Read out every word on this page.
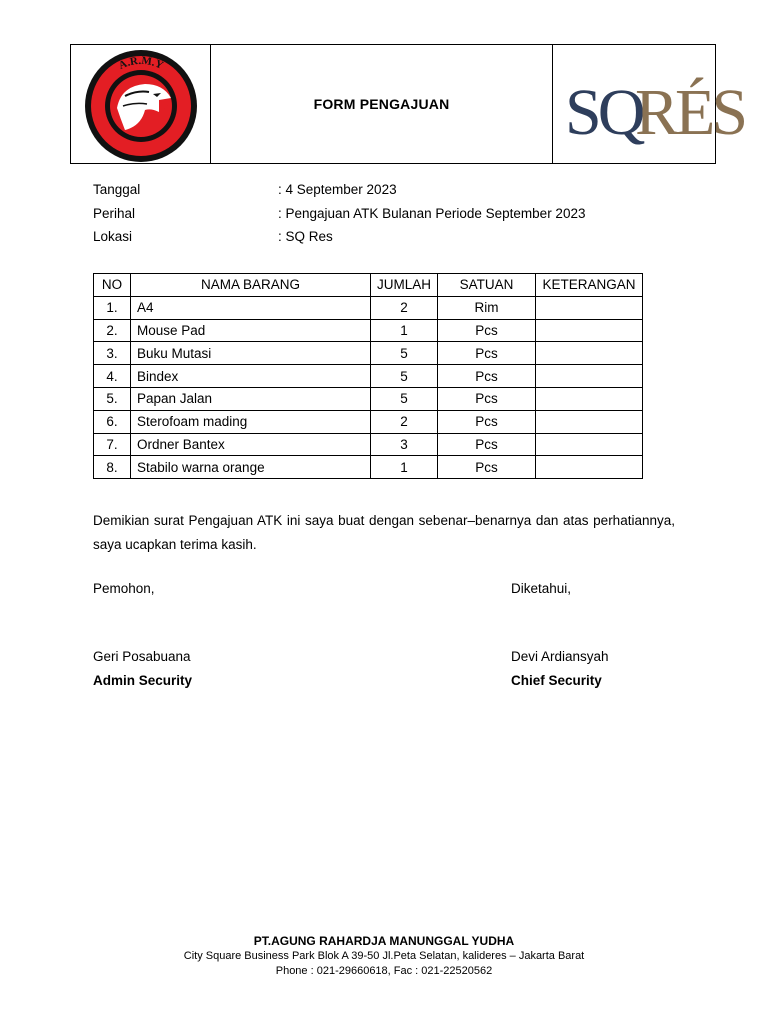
A.R.M.Y
FORM PENGAJUAN	SQ
RÉS
Tanggal	: 4 September 2023
Perihal	: Pengajuan ATK Bulanan Periode September 2023
Lokasi	: SQ Res
NO	NAMA BARANG	JUMLAH	SATUAN	KETERANGAN
1.	A4	2	Rim	
2.	Mouse Pad	1	Pcs	
3.	Buku Mutasi	5	Pcs	
4.	Bindex	5	Pcs	
5.	Papan Jalan	5	Pcs	
6.	Sterofoam mading	2	Pcs	
7.	Ordner Bantex	3	Pcs	
8.	Stabilo warna orange	1	Pcs	
Demikian surat Pengajuan ATK ini saya buat dengan sebenar–benarnya dan atas perhatiannya, saya ucapkan terima kasih.
Pemohon,
Geri Posabuana
Admin Security
Diketahui,
Devi Ardiansyah
Chief Security
PT.AGUNG RAHARDJA MANUNGGAL YUDHA
City Square Business Park Blok A 39-50 Jl.Peta Selatan, kalideres – Jakarta Barat
Phone : 021-29660618, Fac : 021-22520562
